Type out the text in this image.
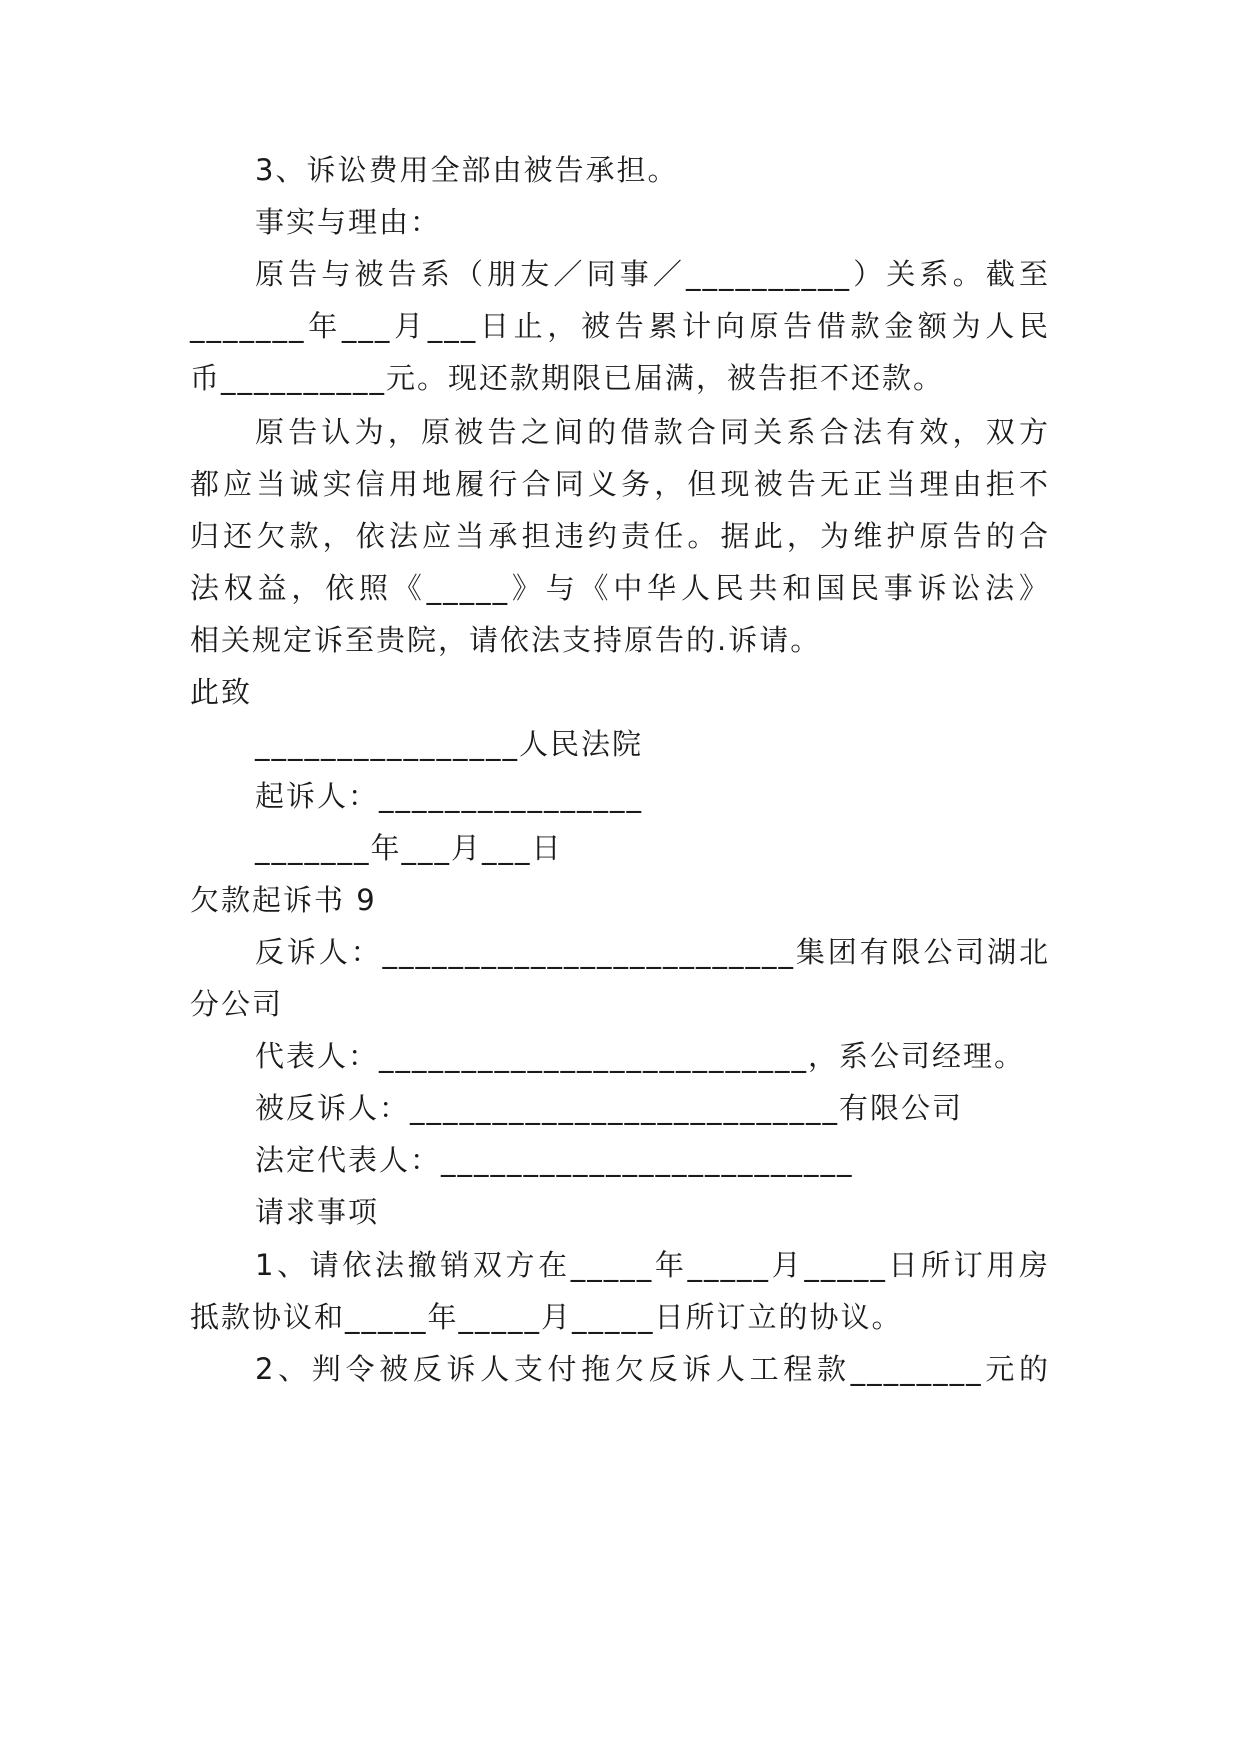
3、诉讼费用全部由被告承担。
事实与理由：
原告与被告系（朋友／同事／__________）关系。截至
_______年___月___日止，被告累计向原告借款金额为人民
币__________元。现还款期限已届满，被告拒不还款。
原告认为，原被告之间的借款合同关系合法有效，双方
都应当诚实信用地履行合同义务，但现被告无正当理由拒不
归还欠款，依法应当承担违约责任。据此，为维护原告的合
法权益，依照《_____》与《中华人民共和国民事诉讼法》
相关规定诉至贵院，请依法支持原告的.诉请。
此致
________________人民法院
起诉人：________________
_______年___月___日
欠款起诉书 9
反诉人：_________________________集团有限公司湖北
分公司
代表人：__________________________，系公司经理。
被反诉人：__________________________有限公司
法定代表人：_________________________
请求事项
1、请依法撤销双方在_____年_____月_____日所订用房
抵款协议和_____年_____月_____日所订立的协议。
2、判令被反诉人支付拖欠反诉人工程款________元的
